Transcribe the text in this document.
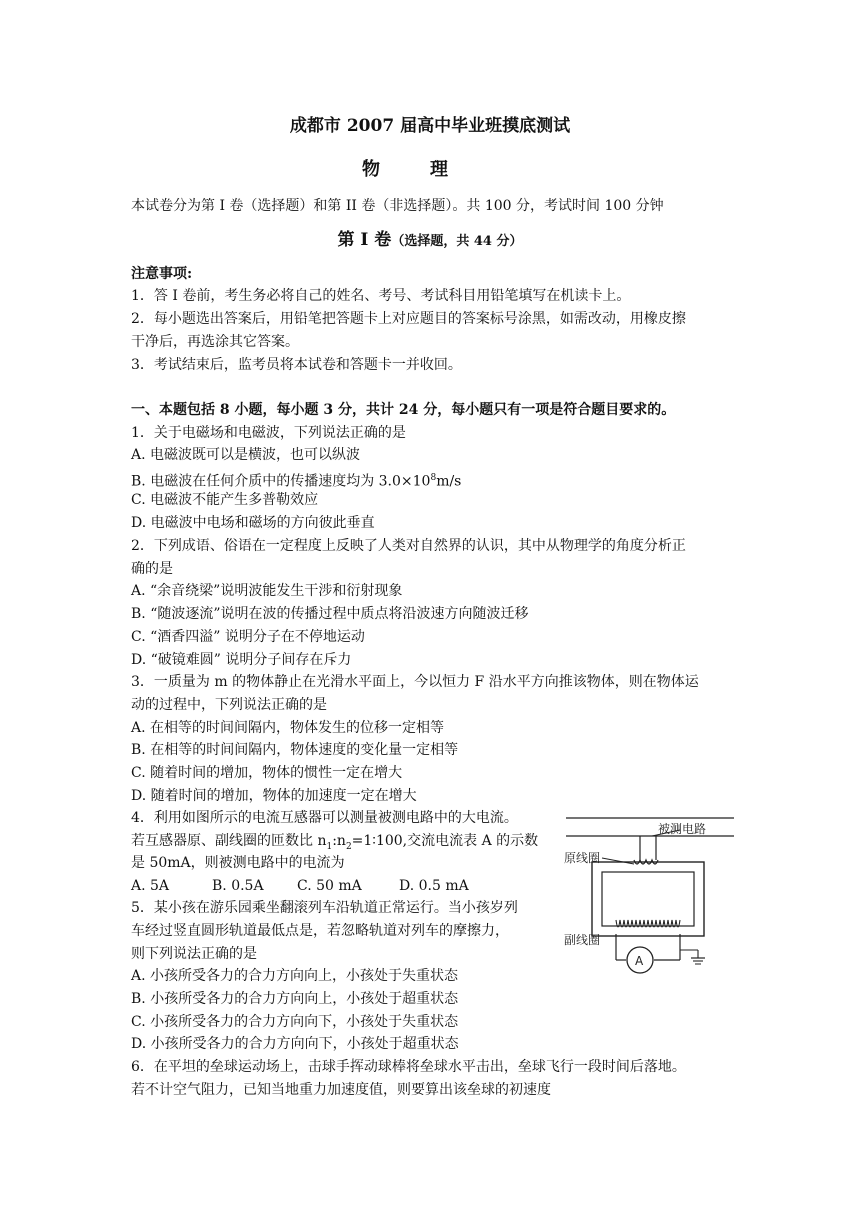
成都市 2007 届高中毕业班摸底测试
物理
本试卷分为第 I 卷（选择题）和第 II 卷（非选择题）。共 100 分，考试时间 100 分钟
第 I 卷（选择题，共 44 分）
注意事项:
1．答 I 卷前，考生务必将自己的姓名、考号、考试科目用铅笔填写在机读卡上。
2．每小题选出答案后，用铅笔把答题卡上对应题目的答案标号涂黑，如需改动，用橡皮擦
干净后，再选涂其它答案。
3．考试结束后，监考员将本试卷和答题卡一并收回。
一、本题包括 8 小题，每小题 3 分，共计 24 分，每小题只有一项是符合题目要求的。
1．关于电磁场和电磁波，下列说法正确的是
A. 电磁波既可以是横波，也可以纵波
B. 电磁波在任何介质中的传播速度均为 $3.0\times 10^8m/s$
C. 电磁波不能产生多普勒效应
D. 电磁波中电场和磁场的方向彼此垂直
2．下列成语、俗语在一定程度上反映了人类对自然界的认识，其中从物理学的角度分析正
确的是
A. “余音绕梁”说明波能发生干涉和衍射现象
B. “随波逐流”说明在波的传播过程中质点将沿波速方向随波迁移
C. “酒香四溢” 说明分子在不停地运动
D. “破镜难圆” 说明分子间存在斥力
3．一质量为 m 的物体静止在光滑水平面上，今以恒力 F 沿水平方向推该物体，则在物体运
动的过程中，下列说法正确的是
A. 在相等的时间间隔内，物体发生的位移一定相等
B. 在相等的时间间隔内，物体速度的变化量一定相等
C. 随着时间的增加，物体的惯性一定在增大
D. 随着时间的增加，物体的加速度一定在增大
4．利用如图所示的电流互感器可以测量被测电路中的大电流。
若互感器原、副线圈的匝数比 $n_1:n_2=1∶100$,交流电流表 A 的示数
是 50mA，则被测电路中的电流为
A. 5A	B. 0.5A C. 50 mA	D. 0.5 mA
5．某小孩在游乐园乘坐翻滚列车沿轨道正常运行。当小孩岁列
车经过竖直圆形轨道最低点是，若忽略轨道对列车的摩擦力，
则下列说法正确的是
A. 小孩所受各力的合力方向向上，小孩处于失重状态
B. 小孩所受各力的合力方向向上，小孩处于超重状态
C. 小孩所受各力的合力方向向下，小孩处于失重状态
D. 小孩所受各力的合力方向向下，小孩处于超重状态
6．在平坦的垒球运动场上，击球手挥动球棒将垒球水平击出，垒球飞行一段时间后落地。
若不计空气阻力，已知当地重力加速度值，则要算出该垒球的初速度
被测电路
原线圈
副线圈
A
